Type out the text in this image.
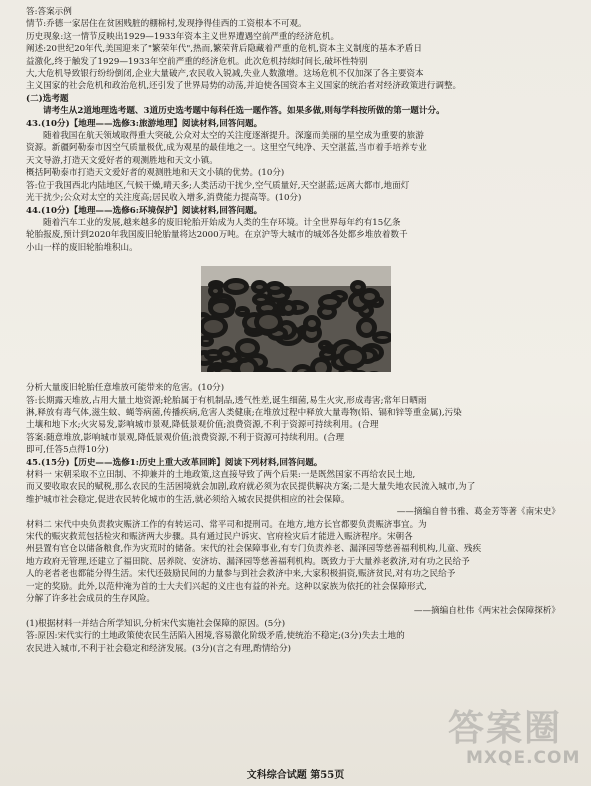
答:答案示例
情节:乔德一家居住在贫困贱脏的棚棉村,发现挣得佳西的工资根本不可观。
历史现象:这一情节反映出1929—1933年资本主义世界遭遇空前严重的经济危机。
阐述:20世纪20年代,美国迎来了"繁荣年代",热而,繁荣背后隐藏着严重的危机,资本主义制度的基本矛盾日
益激化,终于触发了1929—1933年空前严重的经济危机。此次危机持续时间长,破坏性特别
大,大危机导致银行纷纷倒闭,企业大量破产,农民收入锐减,失业人数激增。这场危机不仅加深了各主要资本
主义国家的社会危机和政治危机,还引发了世界局势的动荡,并迫使各国资本主义国家的统治者对经济政策进行调整。
(二)选考题
请考生从2道地理选考题、3道历史选考题中每科任选一题作答。如果多做,则每学科按所做的第一题计分。
43.(10分)【地理——选修3:旅游地理】阅读材料,回答问题。
随着我国在航天领域取得重大突破,公众对太空的关注度逐渐提升。深邃而美丽的星空成为重要的旅游
资源。新疆阿勒泰市因空气质量极优,成为观星的最佳地之一。这里空气纯净、天空湛蓝,当市着手培养专业
天文导游,打造天文爱好者的观测胜地和天文小镇。
概括阿勒泰市打造天文爱好者的观测胜地和天文小镇的优势。(10分)
答:位于我国西北内陆地区,气候干燥,晴天多;人类活动干扰少,空气质量好,天空湛蓝;远离大都市,地面灯
光干扰少;公众对太空的关注度高;居民收入增多,消费能力提高等。(10分)
44.(10分)【地理——选修6:环境保护】阅读材料,回答问题。
随着汽车工业的发展,越来越多的废旧轮胎开始成为人类的生存环境。计全世界每年约有15亿条
轮胎报废,预计到2020年我国废旧轮胎量将达2000万吨。在京沪等大城市的城郊各处都乡堆放着数千
小山一样的废旧轮胎堆积山。
分析大量废旧轮胎任意堆放可能带来的危害。(10分)
答:长期露天堆放,占用大量土地资源;轮胎属于有机制品,透气性差,诞生细菌,易生火灾,形成毒害;常年日晒雨
淋,释放有毒气体,滋生蚊、蝇等病菌,传播疾病,危害人类健康;在堆放过程中释放大量毒物(铅、镉和锌等重金属),污染
土壤和地下水;火灾易发,影响城市景观,降低景观价值;浪费资源,不利于资源可持续利用。(合理
答案:随意堆放,影响城市景观,降低景观价值;浪费资源,不利于资源可持续利用。(合理
即可,任答5点得10分)
45.(15分)【历史——选修1:历史上重大改革回眸】阅读下列材料,回答问题。
材料一 宋朝采取不立田制、不抑兼并的土地政策,这直接导致了两个后果:一是既然国家不再给农民土地,
而又要收取农民的赋税,那么农民的生活困境就会加剧,政府就必须为农民提供解决方案;二是大量失地农民流入城市,为了
维护城市社会稳定,促进农民转化城市的生活,就必须给入城农民提供相应的社会保障。
——摘编自曾书雅、葛金芳等著《南宋史》
材料二 宋代中央负责救灾赈济工作的有转运司、常平司和提刑司。在地方,地方长官都要负责赈济事宜。为
宋代的赈灾救荒包括检灾和赈济两大步骤。具有通过民户诉灾、官府检灾后才能进入赈济程序。宋朝各
州县置有官仓以储备粮食,作为灾荒时的储备。宋代的社会保障事业,有专门负责养老、漏泽园等慈善福利机构,儿童、残疾
地方政府无管理,还建立了福田院、居养院、安济坊、漏泽园等慈善福利机构。既致力于大量养老救济,对有功之民给予
人的老者老也都能分得生活。宋代还鼓励民间的力量参与到社会救济中来,大家积极捐资,赈济贫民,对有功之民给予
一定的奖励。此外,以范仲淹为首的士大夫们兴起的义庄也有益的补充。这种以家族为依托的社会保障形式,
分解了许多社会成员的生存风险。
——摘编自杜伟《两宋社会保障探析》
(1)根据材料一并结合所学知识,分析宋代实施社会保障的原因。(5分)
答:原因:宋代实行的土地政策使农民生活陷入困境,容易激化阶级矛盾,使统治不稳定;(3分)失去土地的
农民进入城市,不利于社会稳定和经济发展。(3分)(言之有理,酌情给分)
文科综合试题 第55页
答案圈
MXQE.COM
